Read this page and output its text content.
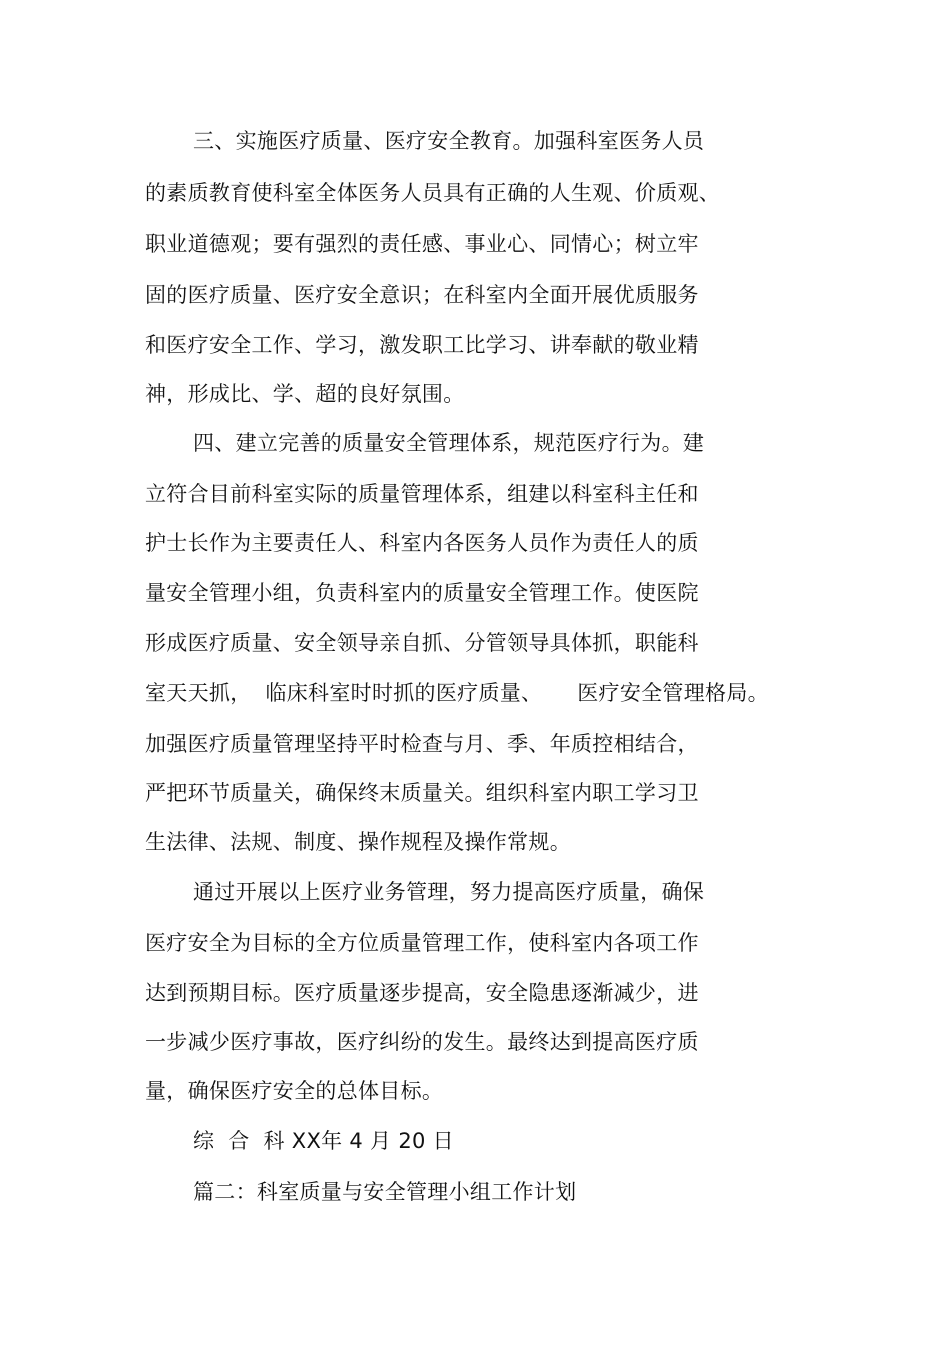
三、实施医疗质量、医疗安全教育。加强科室医务人员
的素质教育使科室全体医务人员具有正确的人生观、价质观、
职业道德观；要有强烈的责任感、事业心、同情心；树立牢
固的医疗质量、医疗安全意识；在科室内全面开展优质服务
和医疗安全工作、学习，激发职工比学习、讲奉献的敬业精
神，形成比、学、超的良好氛围。
四、建立完善的质量安全管理体系，规范医疗行为。建
立符合目前科室实际的质量管理体系，组建以科室科主任和
护士长作为主要责任人、科室内各医务人员作为责任人的质
量安全管理小组，负责科室内的质量安全管理工作。使医院
形成医疗质量、安全领导亲自抓、分管领导具体抓，职能科
室天天抓，  临床科室时时抓的医疗质量、     医疗安全管理格局。
加强医疗质量管理坚持平时检查与月、季、年质控相结合，
严把环节质量关，确保终末质量关。组织科室内职工学习卫
生法律、法规、制度、操作规程及操作常规。
通过开展以上医疗业务管理，努力提高医疗质量，确保
医疗安全为目标的全方位质量管理工作，使科室内各项工作
达到预期目标。医疗质量逐步提高，安全隐患逐渐减少，进
一步减少医疗事故，医疗纠纷的发生。最终达到提高医疗质
量，确保医疗安全的总体目标。
综  合  科 XX年 4 月 20 日
篇二：科室质量与安全管理小组工作计划
